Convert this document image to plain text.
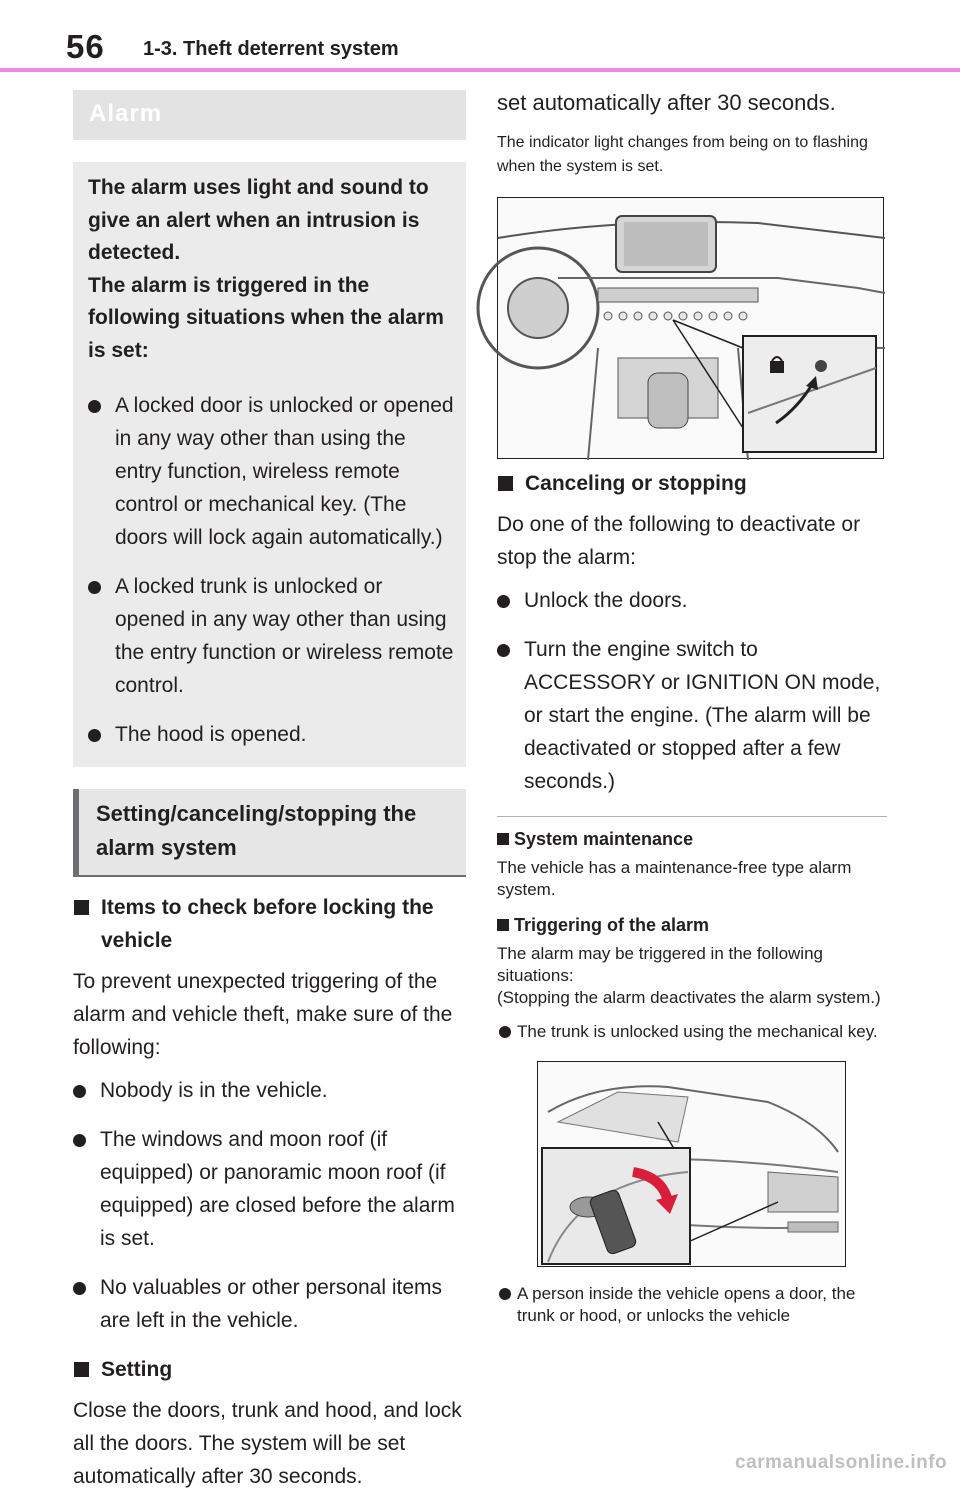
56 1-3. Theft deterrent system
Alarm
The alarm uses light and sound to give an alert when an intrusion is detected.
The alarm is triggered in the following situations when the alarm is set:
A locked door is unlocked or opened in any way other than using the entry function, wireless remote control or mechanical key. (The doors will lock again automatically.)
A locked trunk is unlocked or opened in any way other than using the entry function or wireless remote control.
The hood is opened.
Setting/canceling/stopping the
alarm system
Items to check before locking the
vehicle
To prevent unexpected triggering of the alarm and vehicle theft, make sure of the following:
Nobody is in the vehicle.
The windows and moon roof (if equipped) or panoramic moon roof (if equipped) are closed before the alarm is set.
No valuables or other personal items are left in the vehicle.
Setting
Close the doors, trunk and hood, and lock all the doors. The system will be set automatically after 30 seconds.
set automatically after 30 seconds.
The indicator light changes from being on to flashing when the system is set.
Canceling or stopping
Do one of the following to deactivate or stop the alarm:
Unlock the doors.
Turn the engine switch to ACCESSORY or IGNITION ON mode, or start the engine. (The alarm will be deactivated or stopped after a few seconds.)
System maintenance
The vehicle has a maintenance-free type alarm system.
Triggering of the alarm
The alarm may be triggered in the following situations:
(Stopping the alarm deactivates the alarm system.)
The trunk is unlocked using the mechanical key.
A person inside the vehicle opens a door, the trunk or hood, or unlocks the vehicle
carmanualsonline.info
